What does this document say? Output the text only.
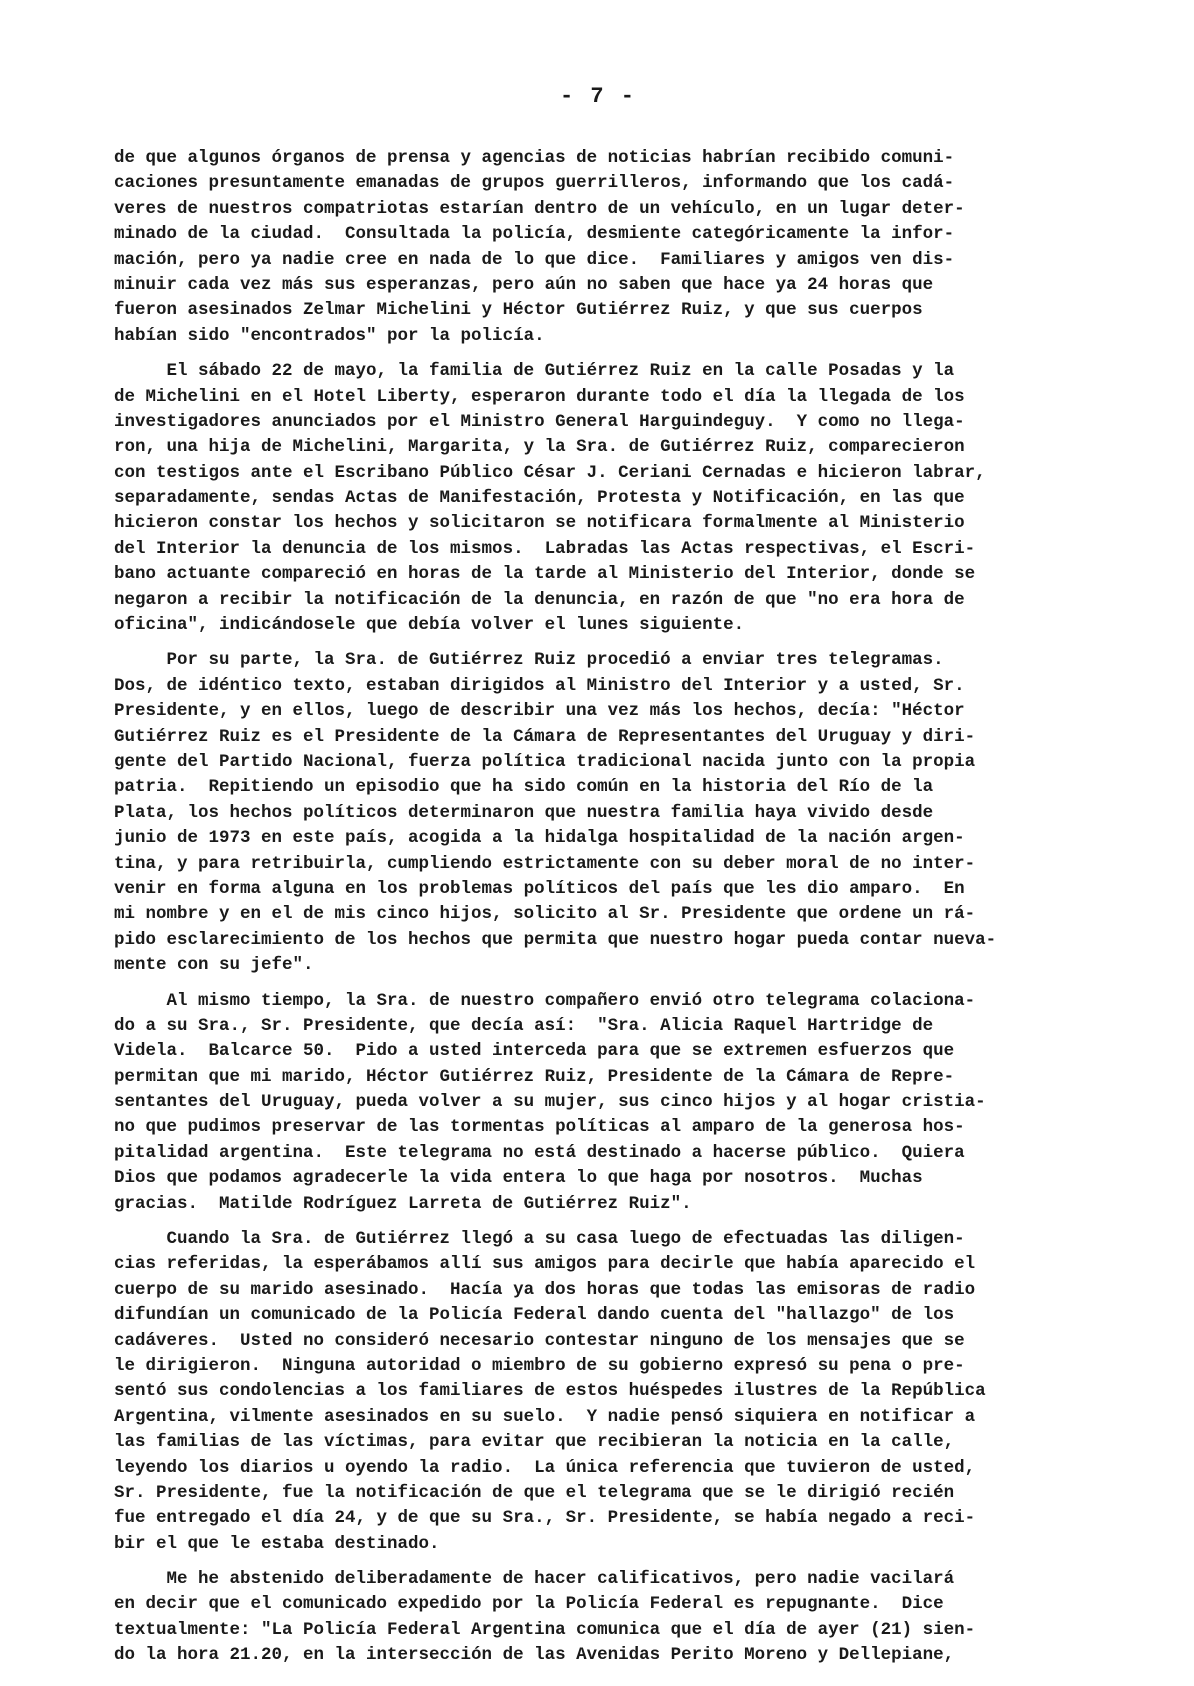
- 7 -
de que algunos órganos de prensa y agencias de noticias habrían recibido comuni-
caciones presuntamente emanadas de grupos guerrilleros, informando que los cadá-
veres de nuestros compatriotas estarían dentro de un vehículo, en un lugar deter-
minado de la ciudad.  Consultada la policía, desmiente categóricamente la infor-
mación, pero ya nadie cree en nada de lo que dice.  Familiares y amigos ven dis-
minuir cada vez más sus esperanzas, pero aún no saben que hace ya 24 horas que
fueron asesinados Zelmar Michelini y Héctor Gutiérrez Ruiz, y que sus cuerpos
habían sido "encontrados" por la policía.
El sábado 22 de mayo, la familia de Gutiérrez Ruiz en la calle Posadas y la
de Michelini en el Hotel Liberty, esperaron durante todo el día la llegada de los
investigadores anunciados por el Ministro General Harguindeguy.  Y como no llega-
ron, una hija de Michelini, Margarita, y la Sra. de Gutiérrez Ruiz, comparecieron
con testigos ante el Escribano Público César J. Ceriani Cernadas e hicieron labrar,
separadamente, sendas Actas de Manifestación, Protesta y Notificación, en las que
hicieron constar los hechos y solicitaron se notificara formalmente al Ministerio
del Interior la denuncia de los mismos.  Labradas las Actas respectivas, el Escri-
bano actuante compareció en horas de la tarde al Ministerio del Interior, donde se
negaron a recibir la notificación de la denuncia, en razón de que "no era hora de
oficina", indicándosele que debía volver el lunes siguiente.
Por su parte, la Sra. de Gutiérrez Ruiz procedió a enviar tres telegramas.
Dos, de idéntico texto, estaban dirigidos al Ministro del Interior y a usted, Sr.
Presidente, y en ellos, luego de describir una vez más los hechos, decía: "Héctor
Gutiérrez Ruiz es el Presidente de la Cámara de Representantes del Uruguay y diri-
gente del Partido Nacional, fuerza política tradicional nacida junto con la propia
patria.  Repitiendo un episodio que ha sido común en la historia del Río de la
Plata, los hechos políticos determinaron que nuestra familia haya vivido desde
junio de 1973 en este país, acogida a la hidalga hospitalidad de la nación argen-
tina, y para retribuirla, cumpliendo estrictamente con su deber moral de no inter-
venir en forma alguna en los problemas políticos del país que les dio amparo.  En
mi nombre y en el de mis cinco hijos, solicito al Sr. Presidente que ordene un rá-
pido esclarecimiento de los hechos que permita que nuestro hogar pueda contar nueva-
mente con su jefe".
Al mismo tiempo, la Sra. de nuestro compañero envió otro telegrama colaciona-
do a su Sra., Sr. Presidente, que decía así:  "Sra. Alicia Raquel Hartridge de
Videla.  Balcarce 50.  Pido a usted interceda para que se extremen esfuerzos que
permitan que mi marido, Héctor Gutiérrez Ruiz, Presidente de la Cámara de Repre-
sentantes del Uruguay, pueda volver a su mujer, sus cinco hijos y al hogar cristia-
no que pudimos preservar de las tormentas políticas al amparo de la generosa hos-
pitalidad argentina.  Este telegrama no está destinado a hacerse público.  Quiera
Dios que podamos agradecerle la vida entera lo que haga por nosotros.  Muchas
gracias.  Matilde Rodríguez Larreta de Gutiérrez Ruiz".
Cuando la Sra. de Gutiérrez llegó a su casa luego de efectuadas las diligen-
cias referidas, la esperábamos allí sus amigos para decirle que había aparecido el
cuerpo de su marido asesinado.  Hacía ya dos horas que todas las emisoras de radio
difundían un comunicado de la Policía Federal dando cuenta del "hallazgo" de los
cadáveres.  Usted no consideró necesario contestar ninguno de los mensajes que se
le dirigieron.  Ninguna autoridad o miembro de su gobierno expresó su pena o pre-
sentó sus condolencias a los familiares de estos huéspedes ilustres de la República
Argentina, vilmente asesinados en su suelo.  Y nadie pensó siquiera en notificar a
las familias de las víctimas, para evitar que recibieran la noticia en la calle,
leyendo los diarios u oyendo la radio.  La única referencia que tuvieron de usted,
Sr. Presidente, fue la notificación de que el telegrama que se le dirigió recién
fue entregado el día 24, y de que su Sra., Sr. Presidente, se había negado a reci-
bir el que le estaba destinado.
Me he abstenido deliberadamente de hacer calificativos, pero nadie vacilará
en decir que el comunicado expedido por la Policía Federal es repugnante.  Dice
textualmente: "La Policía Federal Argentina comunica que el día de ayer (21) sien-
do la hora 21.20, en la intersección de las Avenidas Perito Moreno y Dellepiane,
